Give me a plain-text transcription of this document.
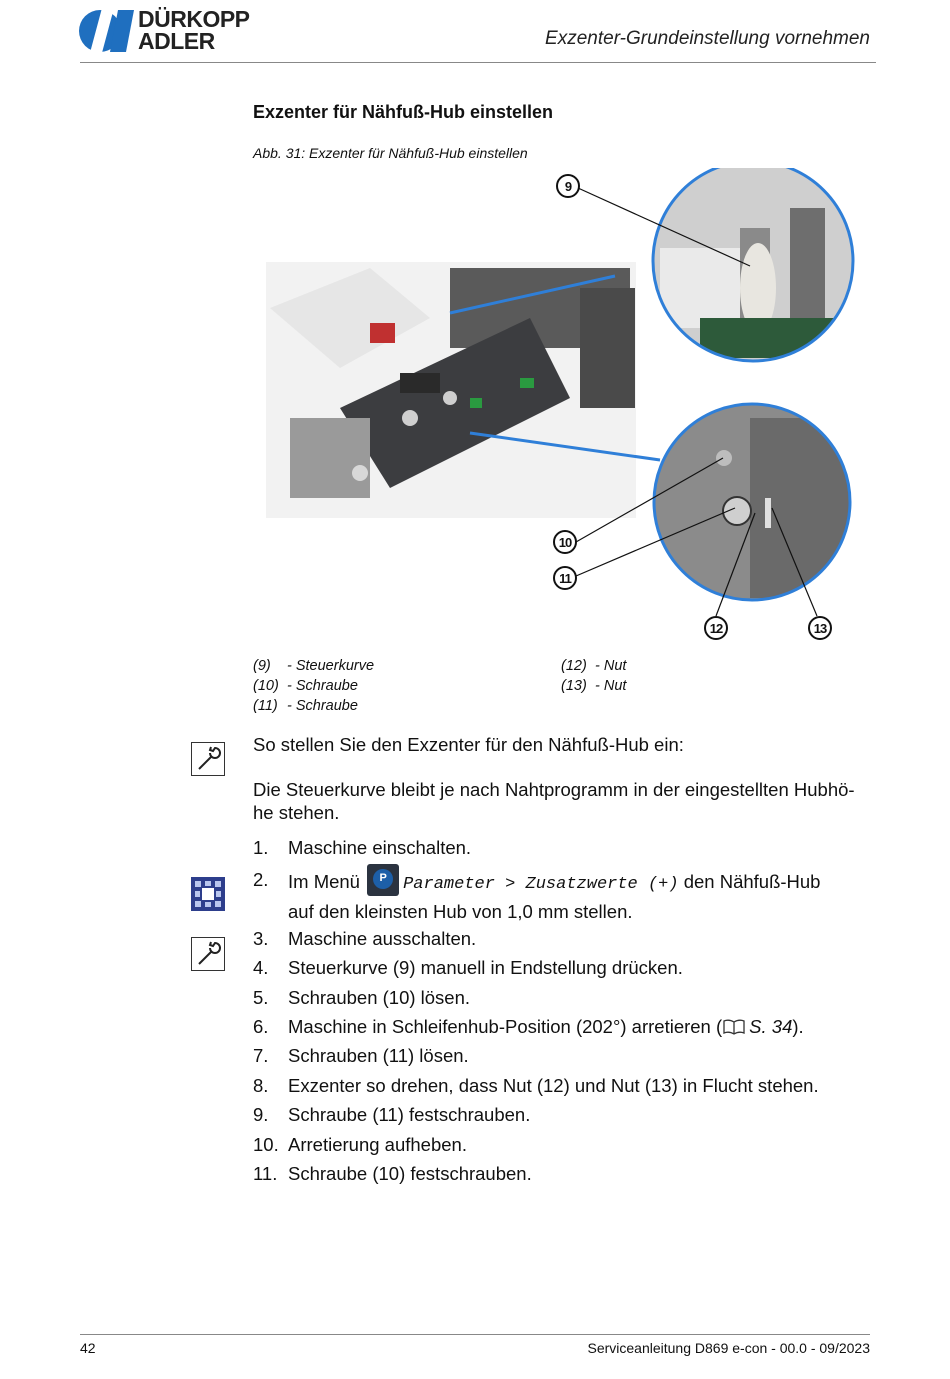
DÜRKOPP
ADLER	Exzenter-Grundeinstellung vornehmen
Exzenter für Nähfuß-Hub einstellen
Abb. 31: Exzenter für Nähfuß-Hub einstellen
9
10
11
12	13
(9) - Steuerkurve
(10) - Schraube
(11) - Schraube
(12) - Nut
(13) - Nut
So stellen Sie den Exzenter für den Nähfuß-Hub ein:
Die Steuerkurve bleibt je nach Nahtprogramm in der eingestellten Hubhö-
he stehen.
1. Maschine einschalten.
2. Im Menü	P Parameter > Zusatzwerte (+) den Nähfuß-Hub
auf den kleinsten Hub von 1,0 mm stellen.
3. Maschine ausschalten.
4. Steuerkurve (9) manuell in Endstellung drücken.
5. Schrauben (10) lösen.
6. Maschine in Schleifenhub-Position (202°) arretieren ( S. 34).
7. Schrauben (11) lösen.
8. Exzenter so drehen, dass Nut (12) und Nut (13) in Flucht stehen.
9. Schraube (11) festschrauben.
10. Arretierung aufheben.
11. Schraube (10) festschrauben.
42	Serviceanleitung D869 e-con - 00.0 - 09/2023
